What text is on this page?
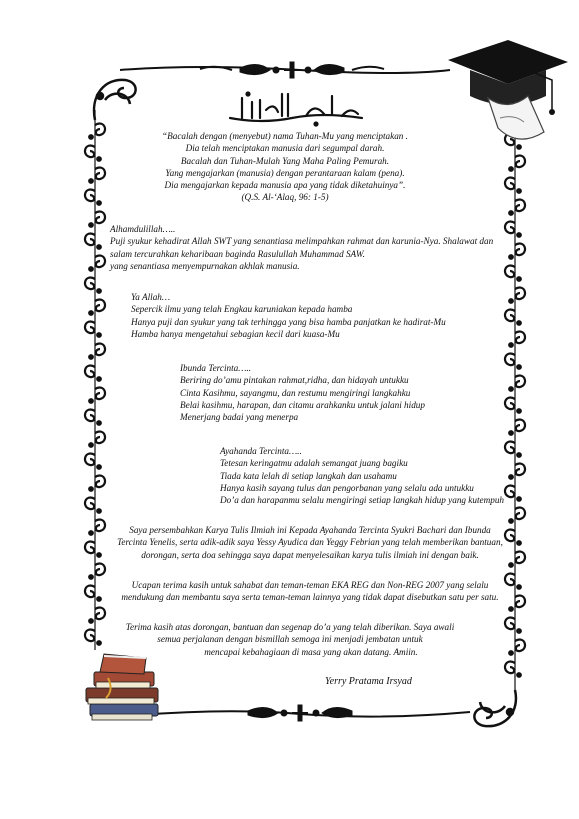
“Bacalah dengan (menyebut) nama Tuhan-Mu yang menciptakan .
Dia telah menciptakan manusia dari segumpal darah.
Bacalah dan Tuhan-Mulah Yang Maha Paling Pemurah.
Yang mengajarkan (manusia) dengan perantaraan kalam (pena).
Dia mengajarkan kepada manusia apa yang tidak diketahuinya”.
(Q.S. Al-‘Alaq, 96: 1-5)
Alhamdulillah…..
Puji syukur kehadirat Allah SWT yang senantiasa melimpahkan rahmat dan karunia-Nya. Shalawat dan
salam tercurahkan keharibaan baginda Rasulullah Muhammad SAW.
yang senantiasa menyempurnakan akhlak manusia.
Ya Allah…
Sepercik ilmu yang telah Engkau karuniakan kepada hamba
Hanya puji dan syukur yang tak terhingga yang bisa hamba panjatkan ke hadirat-Mu
Hamba hanya mengetahui sebagian kecil dari kuasa-Mu
Ibunda Tercinta…..
Beriring do’amu pintakan rahmat,ridha, dan hidayah untukku
Cinta Kasihmu, sayangmu, dan restumu mengiringi langkahku
Belai kasihmu, harapan, dan citamu arahkanku untuk jalani hidup
Menerjang badai yang menerpa
Ayahanda Tercinta…..
Tetesan keringatmu adalah semangat juang bagiku
Tiada kata lelah di setiap langkah dan usahamu
Hanya kasih sayang tulus dan pengorbanan yang selalu ada untukku
Do’a dan harapanmu selalu mengiringi setiap langkah hidup yang kutempuh
Saya persembahkan Karya Tulis Ilmiah ini Kepada Ayahanda Tercinta Syukri Bachari dan Ibunda
Tercinta Yenelis, serta adik-adik saya Yessy Ayudica dan Yeggy Febrian yang telah memberikan bantuan,
dorongan, serta doa sehingga saya dapat menyelesaikan karya tulis ilmiah ini dengan baik.
Ucapan terima kasih untuk sahabat dan teman-teman EKA REG dan Non-REG 2007 yang selalu
mendukung dan membantu saya serta teman-teman lainnya yang tidak dapat disebutkan satu per satu.
Terima kasih atas dorongan, bantuan dan segenap do’a yang telah diberikan. Saya awali
semua perjalanan dengan bismillah semoga ini menjadi jembatan untuk
mencapai kebahagiaan di masa yang akan datang. Amiin.
Yerry Pratama Irsyad
